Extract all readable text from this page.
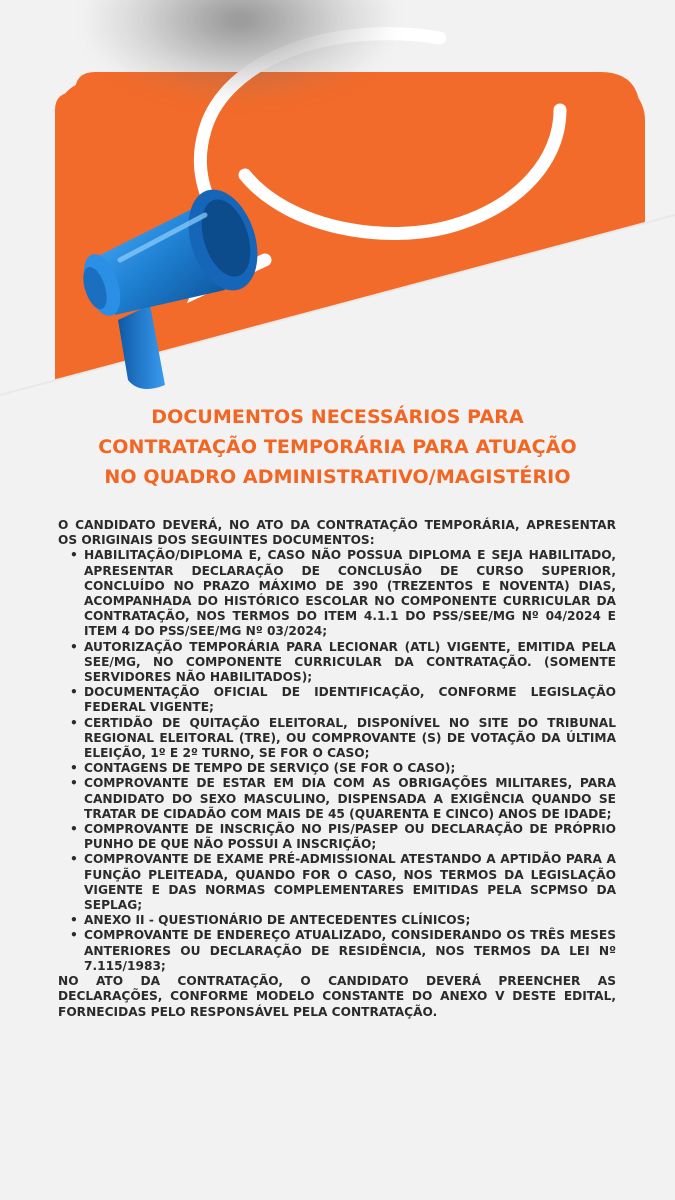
DOCUMENTOS NECESSÁRIOS PARA
CONTRATAÇÃO TEMPORÁRIA PARA ATUAÇÃO
NO QUADRO ADMINISTRATIVO/MAGISTÉRIO

O CANDIDATO DEVERÁ, NO ATO DA CONTRATAÇÃO TEMPORÁRIA, APRESENTAR OS ORIGINAIS DOS SEGUINTES DOCUMENTOS:

• HABILITAÇÃO/DIPLOMA E, CASO NÃO POSSUA DIPLOMA E SEJA HABILITADO, APRESENTAR DECLARAÇÃO DE CONCLUSÃO DE CURSO SUPERIOR, CONCLUÍDO NO PRAZO MÁXIMO DE 390 (TREZENTOS E NOVENTA) DIAS, ACOMPANHADA DO HISTÓRICO ESCOLAR NO COMPONENTE CURRICULAR DA CONTRATAÇÃO, NOS TERMOS DO ITEM 4.1.1 DO PSS/SEE/MG Nº 04/2024 E ITEM 4 DO PSS/SEE/MG Nº 03/2024;
• AUTORIZAÇÃO TEMPORÁRIA PARA LECIONAR (ATL) VIGENTE, EMITIDA PELA SEE/MG, NO COMPONENTE CURRICULAR DA CONTRATAÇÃO. (SOMENTE SERVIDORES NÃO HABILITADOS);
• DOCUMENTAÇÃO OFICIAL DE IDENTIFICAÇÃO, CONFORME LEGISLAÇÃO FEDERAL VIGENTE;
• CERTIDÃO DE QUITAÇÃO ELEITORAL, DISPONÍVEL NO SITE DO TRIBUNAL REGIONAL ELEITORAL (TRE), OU COMPROVANTE (S) DE VOTAÇÃO DA ÚLTIMA ELEIÇÃO, 1º E 2º TURNO, SE FOR O CASO;
• CONTAGENS DE TEMPO DE SERVIÇO (SE FOR O CASO);
• COMPROVANTE DE ESTAR EM DIA COM AS OBRIGAÇÕES MILITARES, PARA CANDIDATO DO SEXO MASCULINO, DISPENSADA A EXIGÊNCIA QUANDO SE TRATAR DE CIDADÃO COM MAIS DE 45 (QUARENTA E CINCO) ANOS DE IDADE;
• COMPROVANTE DE INSCRIÇÃO NO PIS/PASEP OU DECLARAÇÃO DE PRÓPRIO PUNHO DE QUE NÃO POSSUI A INSCRIÇÃO;
• COMPROVANTE DE EXAME PRÉ-ADMISSIONAL ATESTANDO A APTIDÃO PARA A FUNÇÃO PLEITEADA, QUANDO FOR O CASO, NOS TERMOS DA LEGISLAÇÃO VIGENTE E DAS NORMAS COMPLEMENTARES EMITIDAS PELA SCPMSO DA SEPLAG;
• ANEXO II - QUESTIONÁRIO DE ANTECEDENTES CLÍNICOS;
• COMPROVANTE DE ENDEREÇO ATUALIZADO, CONSIDERANDO OS TRÊS MESES ANTERIORES OU DECLARAÇÃO DE RESIDÊNCIA, NOS TERMOS DA LEI Nº 7.115/1983;

NO ATO DA CONTRATAÇÃO, O CANDIDATO DEVERÁ PREENCHER AS DECLARAÇÕES, CONFORME MODELO CONSTANTE DO ANEXO V DESTE EDITAL, FORNECIDAS PELO RESPONSÁVEL PELA CONTRATAÇÃO.
